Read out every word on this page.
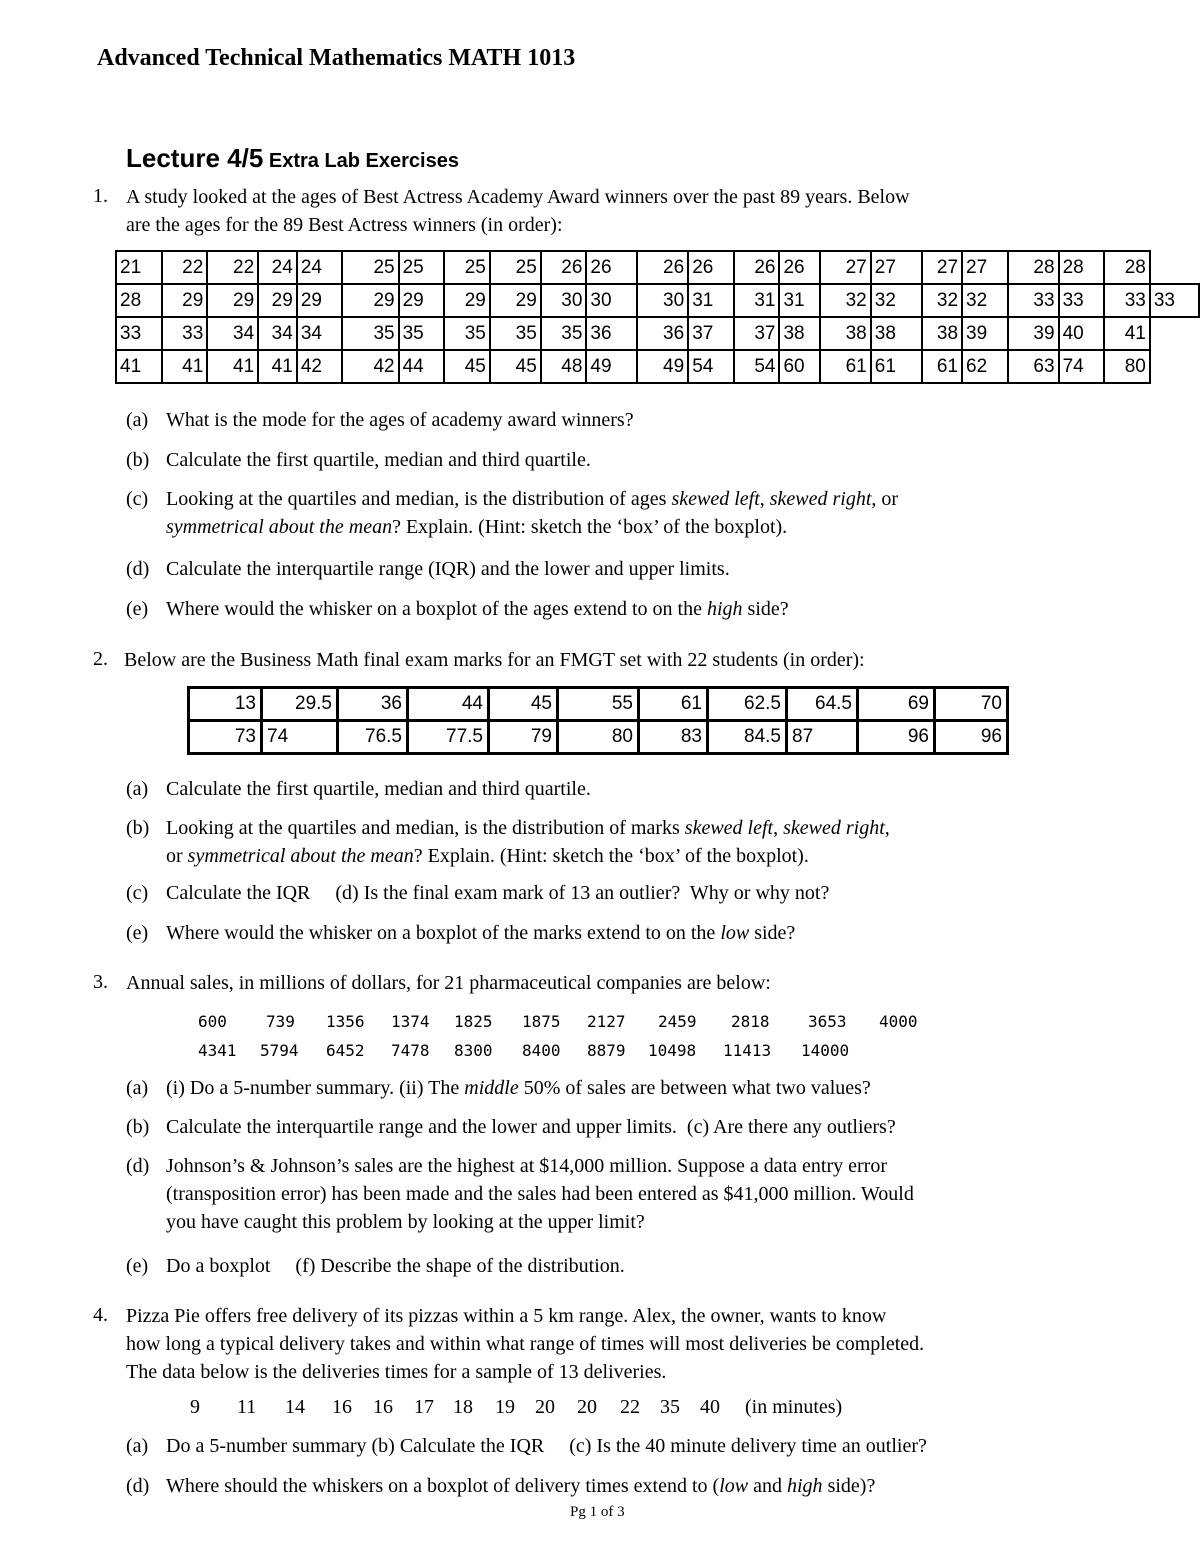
Advanced Technical Mathematics MATH 1013
Lecture 4/5 Extra Lab Exercises
1. A study looked at the ages of Best Actress Academy Award winners over the past 89 years. Below
are the ages for the 89 Best Actress winners (in order):
21	22	22	24	24	25	25	25	25	26	26	26	26	26	26	27	27	27	27	28	28	28	
28	29	29	29	29	29	29	29	29	30	30	30	31	31	31	32	32	32	32	33	33	33	33
33	33	34	34	34	35	35	35	35	35	36	36	37	37	38	38	38	38	39	39	40	41	
41	41	41	41	42	42	44	45	45	48	49	49	54	54	60	61	61	61	62	63	74	80	
(a) What is the mode for the ages of academy award winners?
(b) Calculate the first quartile, median and third quartile.
(c) Looking at the quartiles and median, is the distribution of ages skewed left, skewed right, or
symmetrical about the mean? Explain. (Hint: sketch the ‘box’ of the boxplot).
(d) Calculate the interquartile range (IQR) and the lower and upper limits.
(e) Where would the whisker on a boxplot of the ages extend to on the high side?
2. Below are the Business Math final exam marks for an FMGT set with 22 students (in order):
13	29.5	36	44	45	55	61	62.5	64.5	69	70
73	74	76.5	77.5	79	80	83	84.5	87	96	96
(a) Calculate the first quartile, median and third quartile.
(b) Looking at the quartiles and median, is the distribution of marks skewed left, skewed right,
or symmetrical about the mean? Explain. (Hint: sketch the ‘box’ of the boxplot).
(c) Calculate the IQR     (d) Is the final exam mark of 13 an outlier?  Why or why not?
(e) Where would the whisker on a boxplot of the marks extend to on the low side?
3. Annual sales, in millions of dollars, for 21 pharmaceutical companies are below:
600 739 1356 1374 1825 1875 2127 2459 2818 3653 4000
4341 5794 6452 7478 8300 8400 8879 10498 11413 14000
(a) (i) Do a 5-number summary. (ii) The middle 50% of sales are between what two values?
(b) Calculate the interquartile range and the lower and upper limits.  (c) Are there any outliers?
(d) Johnson’s & Johnson’s sales are the highest at $14,000 million. Suppose a data entry error
(transposition error) has been made and the sales had been entered as $41,000 million. Would
you have caught this problem by looking at the upper limit?
(e) Do a boxplot     (f) Describe the shape of the distribution.
4. Pizza Pie offers free delivery of its pizzas within a 5 km range. Alex, the owner, wants to know
how long a typical delivery takes and within what range of times will most deliveries be completed.
The data below is the deliveries times for a sample of 13 deliveries.
9 11 14 16 16 17 18 19 20 20 22 35 40 (in minutes)
(a) Do a 5-number summary (b) Calculate the IQR     (c) Is the 40 minute delivery time an outlier?
(d) Where should the whiskers on a boxplot of delivery times extend to (low and high side)?
Pg 1 of 3
